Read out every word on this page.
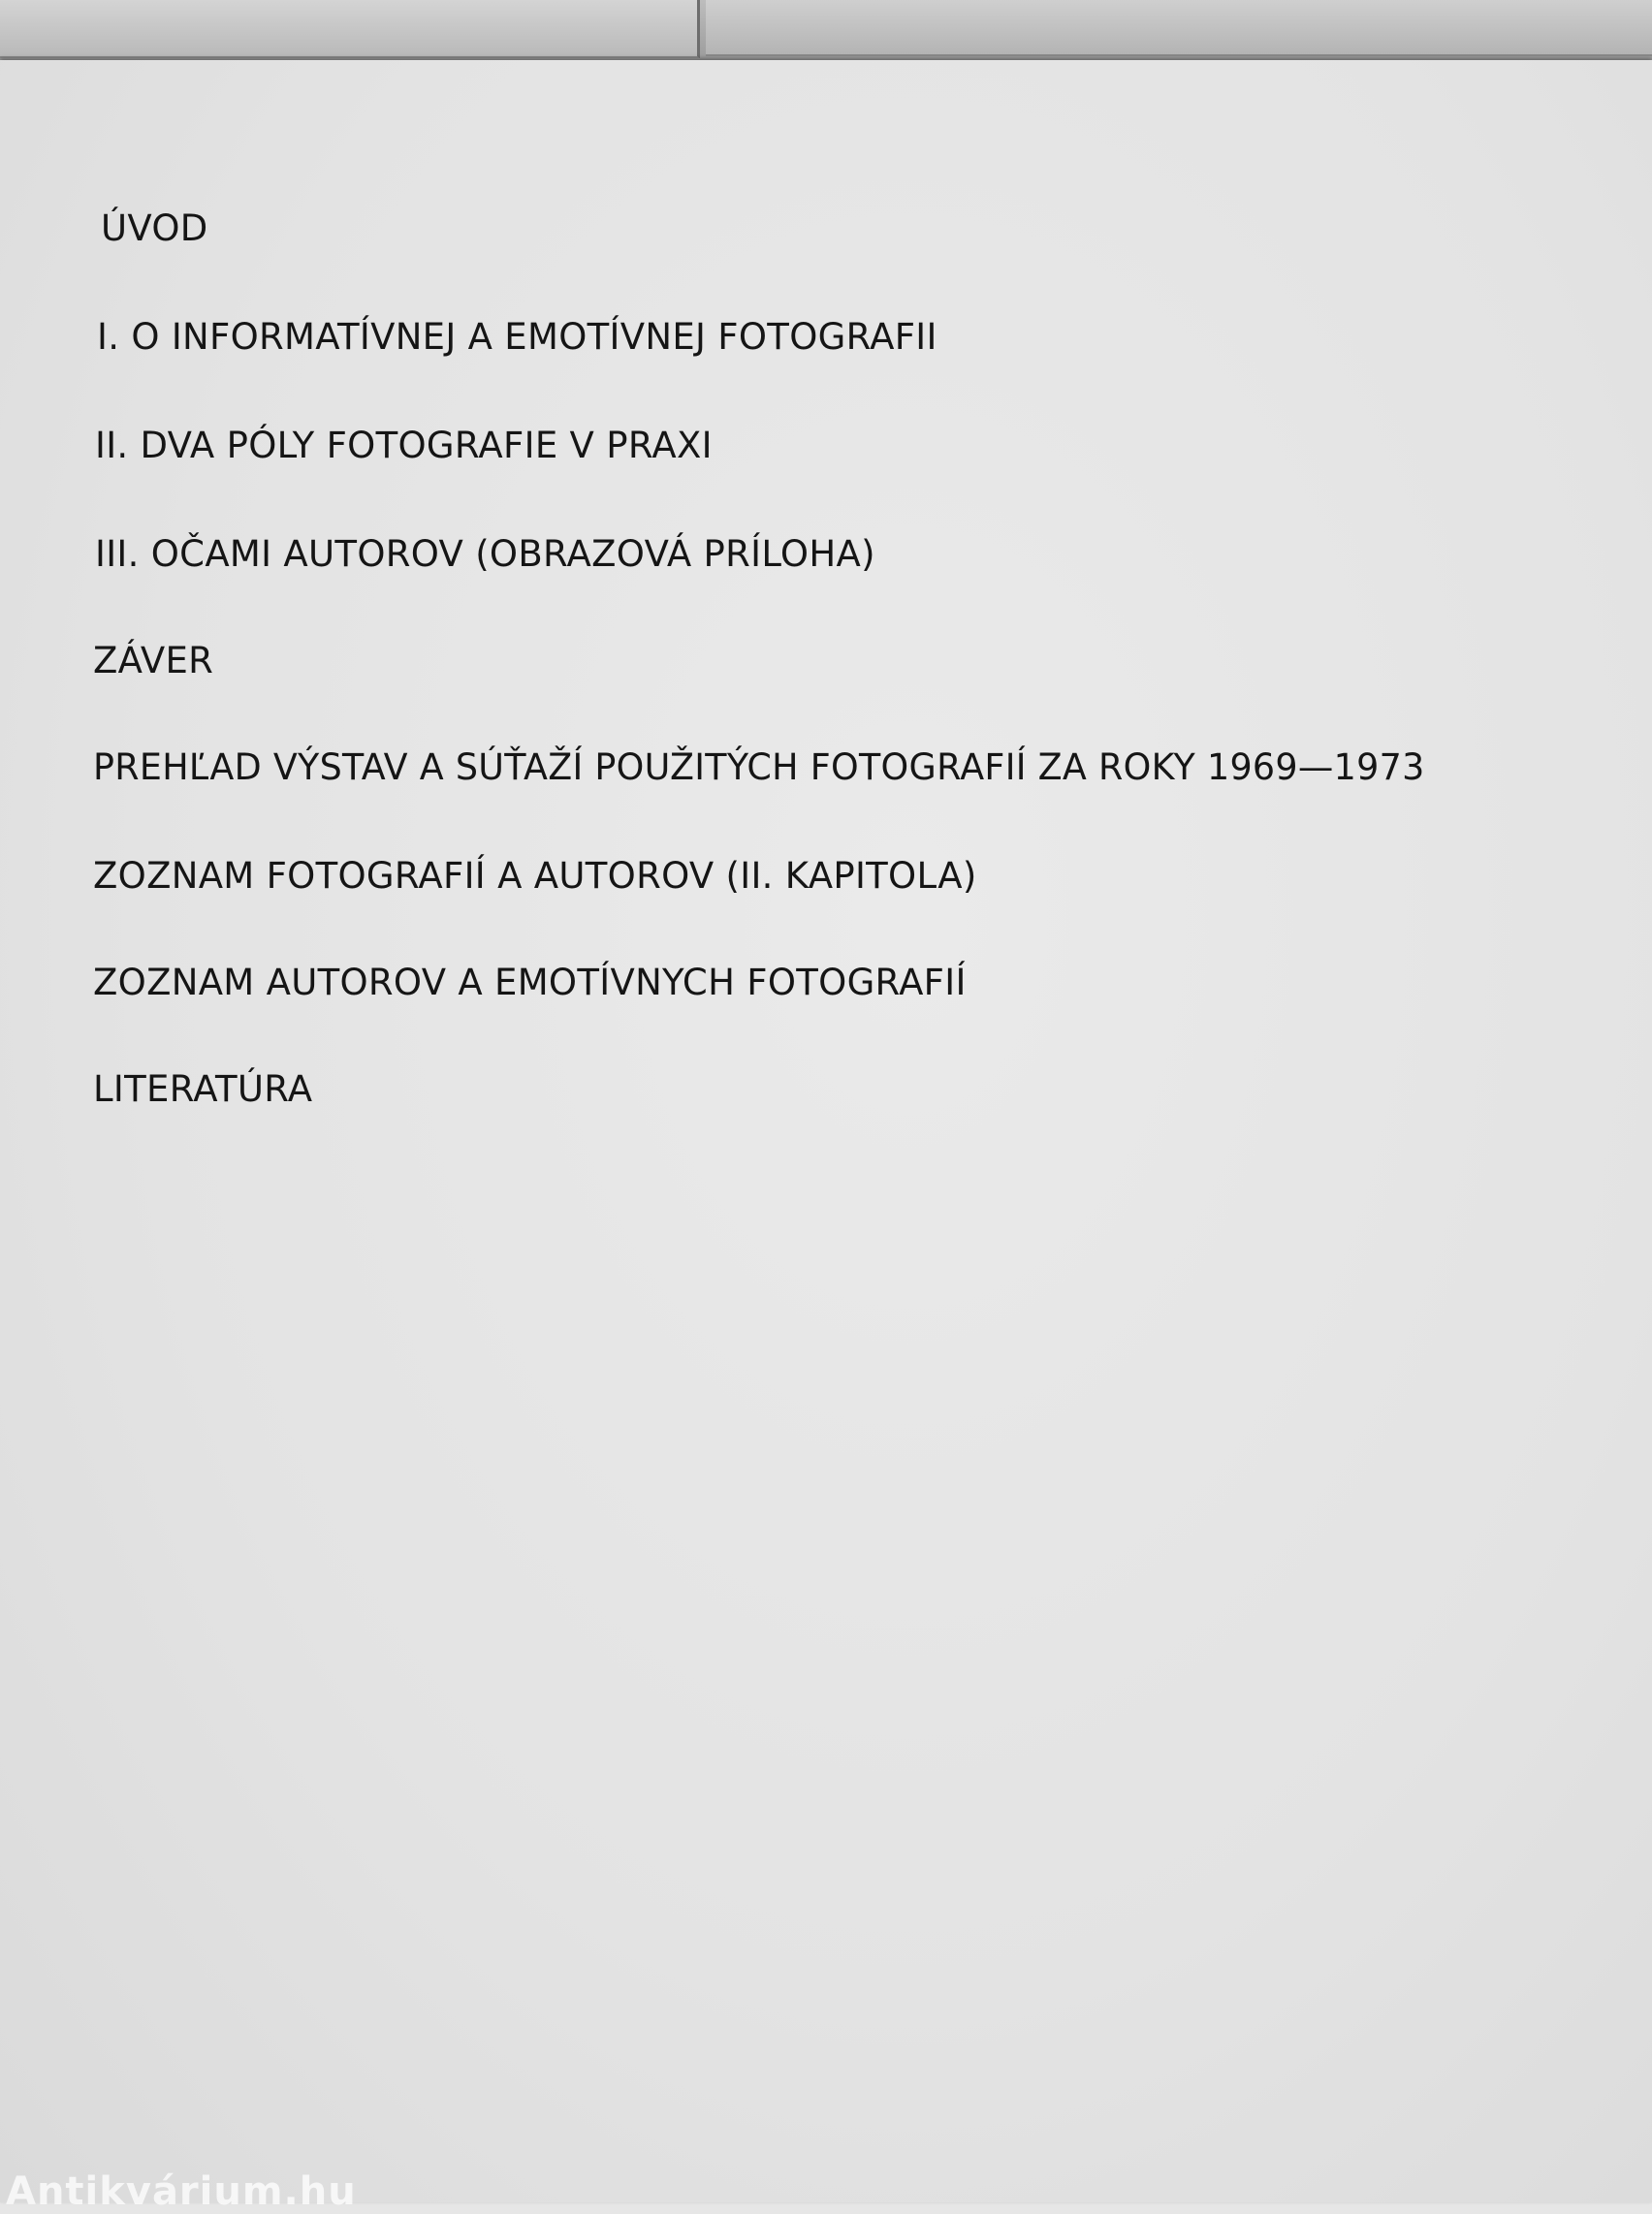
ÚVOD
I. O INFORMATÍVNEJ A EMOTÍVNEJ FOTOGRAFII
II. DVA PÓLY FOTOGRAFIE V PRAXI
III. OČAMI AUTOROV (OBRAZOVÁ PRÍLOHA)
ZÁVER
PREHĽAD VÝSTAV A SÚŤAŽÍ POUŽITÝCH FOTOGRAFIÍ ZA ROKY 1969—1973
ZOZNAM FOTOGRAFIÍ A AUTOROV (II. KAPITOLA)
ZOZNAM AUTOROV A EMOTÍVNYCH FOTOGRAFIÍ
LITERATÚRA
Antikvárium.hu
